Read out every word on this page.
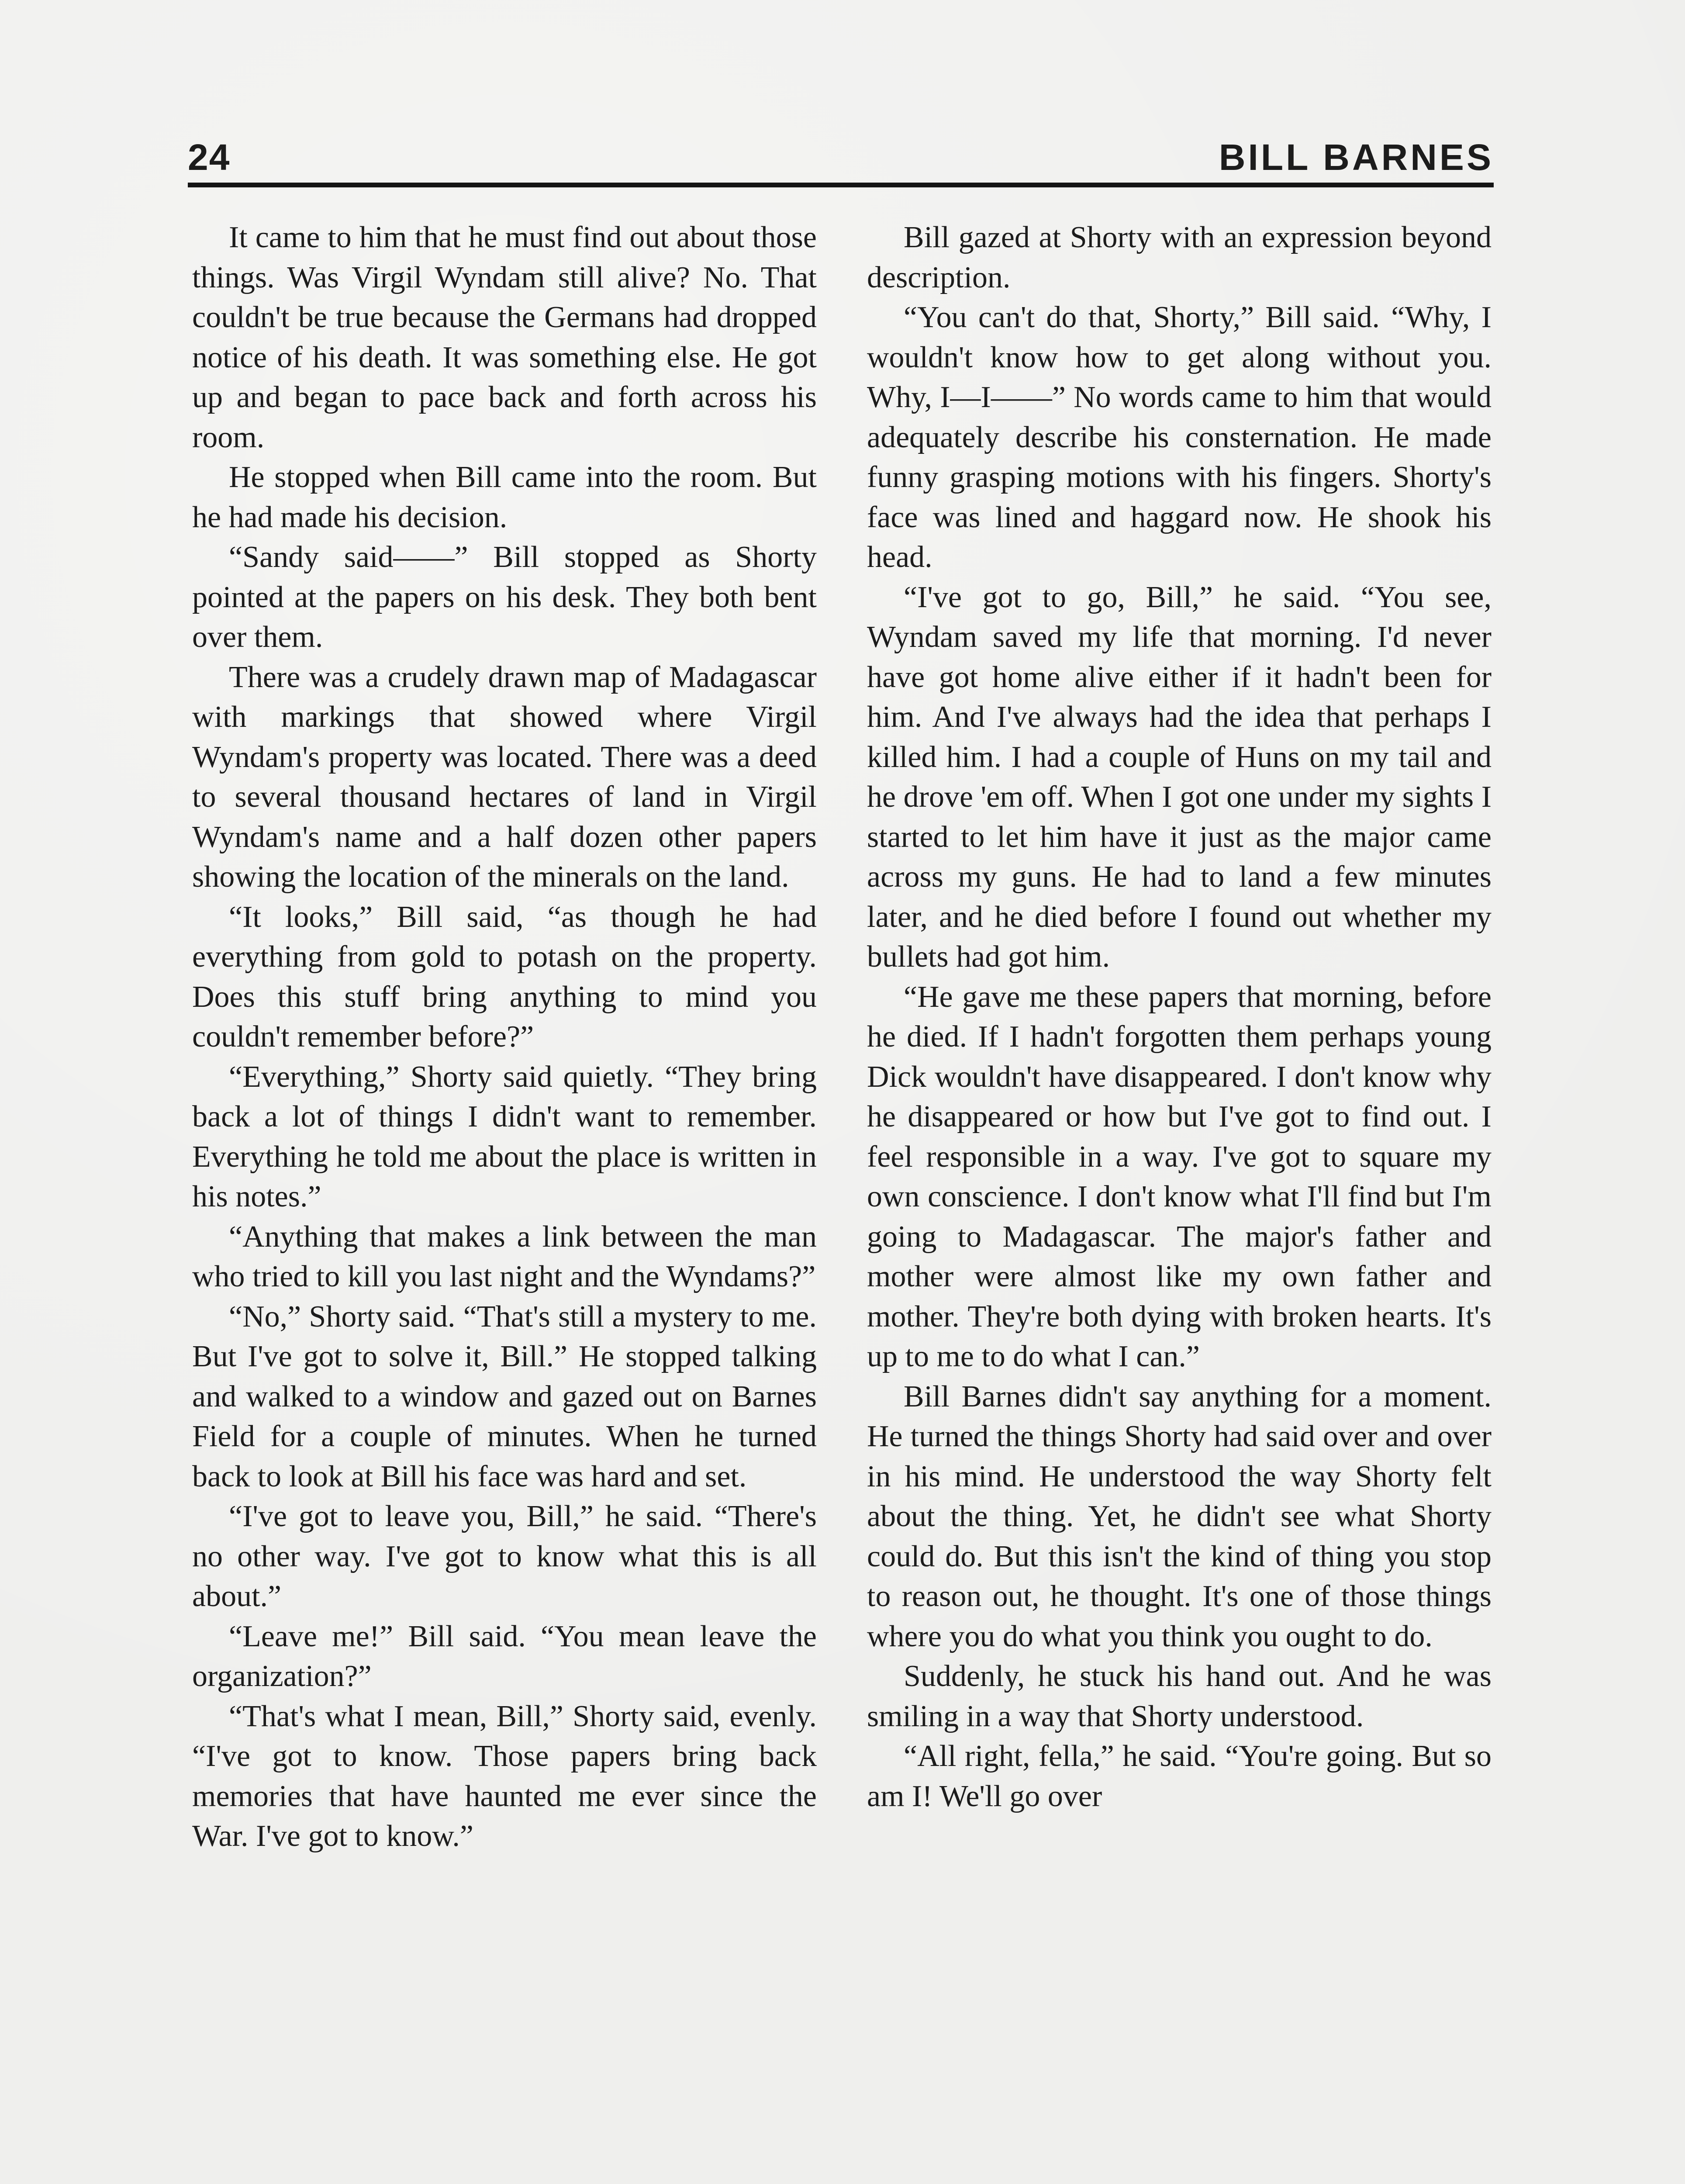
24	BILL BARNES

It came to him that he must find out about those things. Was Virgil Wyndam still alive? No. That couldn't be true because the Germans had dropped notice of his death. It was something else. He got up and began to pace back and forth across his room.

He stopped when Bill came into the room. But he had made his decision.

“Sandy said——” Bill stopped as Shorty pointed at the papers on his desk. They both bent over them.

There was a crudely drawn map of Madagascar with markings that showed where Virgil Wyndam's property was located. There was a deed to several thousand hectares of land in Virgil Wyndam's name and a half dozen other papers showing the location of the minerals on the land.

“It looks,” Bill said, “as though he had everything from gold to potash on the property. Does this stuff bring anything to mind you couldn't remember before?”

“Everything,” Shorty said quietly. “They bring back a lot of things I didn't want to remember. Everything he told me about the place is written in his notes.”

“Anything that makes a link between the man who tried to kill you last night and the Wyndams?”

“No,” Shorty said. “That's still a mystery to me. But I've got to solve it, Bill.” He stopped talking and walked to a window and gazed out on Barnes Field for a couple of minutes. When he turned back to look at Bill his face was hard and set.

“I've got to leave you, Bill,” he said. “There's no other way. I've got to know what this is all about.”

“Leave me!” Bill said. “You mean leave the organization?”

“That's what I mean, Bill,” Shorty said, evenly. “I've got to know. Those papers bring back memories that have haunted me ever since the War. I've got to know.”

Bill gazed at Shorty with an expression beyond description.

“You can't do that, Shorty,” Bill said. “Why, I wouldn't know how to get along without you. Why, I—I——” No words came to him that would adequately describe his consternation. He made funny grasping motions with his fingers. Shorty's face was lined and haggard now. He shook his head.

“I've got to go, Bill,” he said. “You see, Wyndam saved my life that morning. I'd never have got home alive either if it hadn't been for him. And I've always had the idea that perhaps I killed him. I had a couple of Huns on my tail and he drove 'em off. When I got one under my sights I started to let him have it just as the major came across my guns. He had to land a few minutes later, and he died before I found out whether my bullets had got him.

“He gave me these papers that morning, before he died. If I hadn't forgotten them perhaps young Dick wouldn't have disappeared. I don't know why he disappeared or how but I've got to find out. I feel responsible in a way. I've got to square my own conscience. I don't know what I'll find but I'm going to Madagascar. The major's father and mother were almost like my own father and mother. They're both dying with broken hearts. It's up to me to do what I can.”

Bill Barnes didn't say anything for a moment. He turned the things Shorty had said over and over in his mind. He understood the way Shorty felt about the thing. Yet, he didn't see what Shorty could do. But this isn't the kind of thing you stop to reason out, he thought. It's one of those things where you do what you think you ought to do.

Suddenly, he stuck his hand out. And he was smiling in a way that Shorty understood.

“All right, fella,” he said. “You're going. But so am I! We'll go over
